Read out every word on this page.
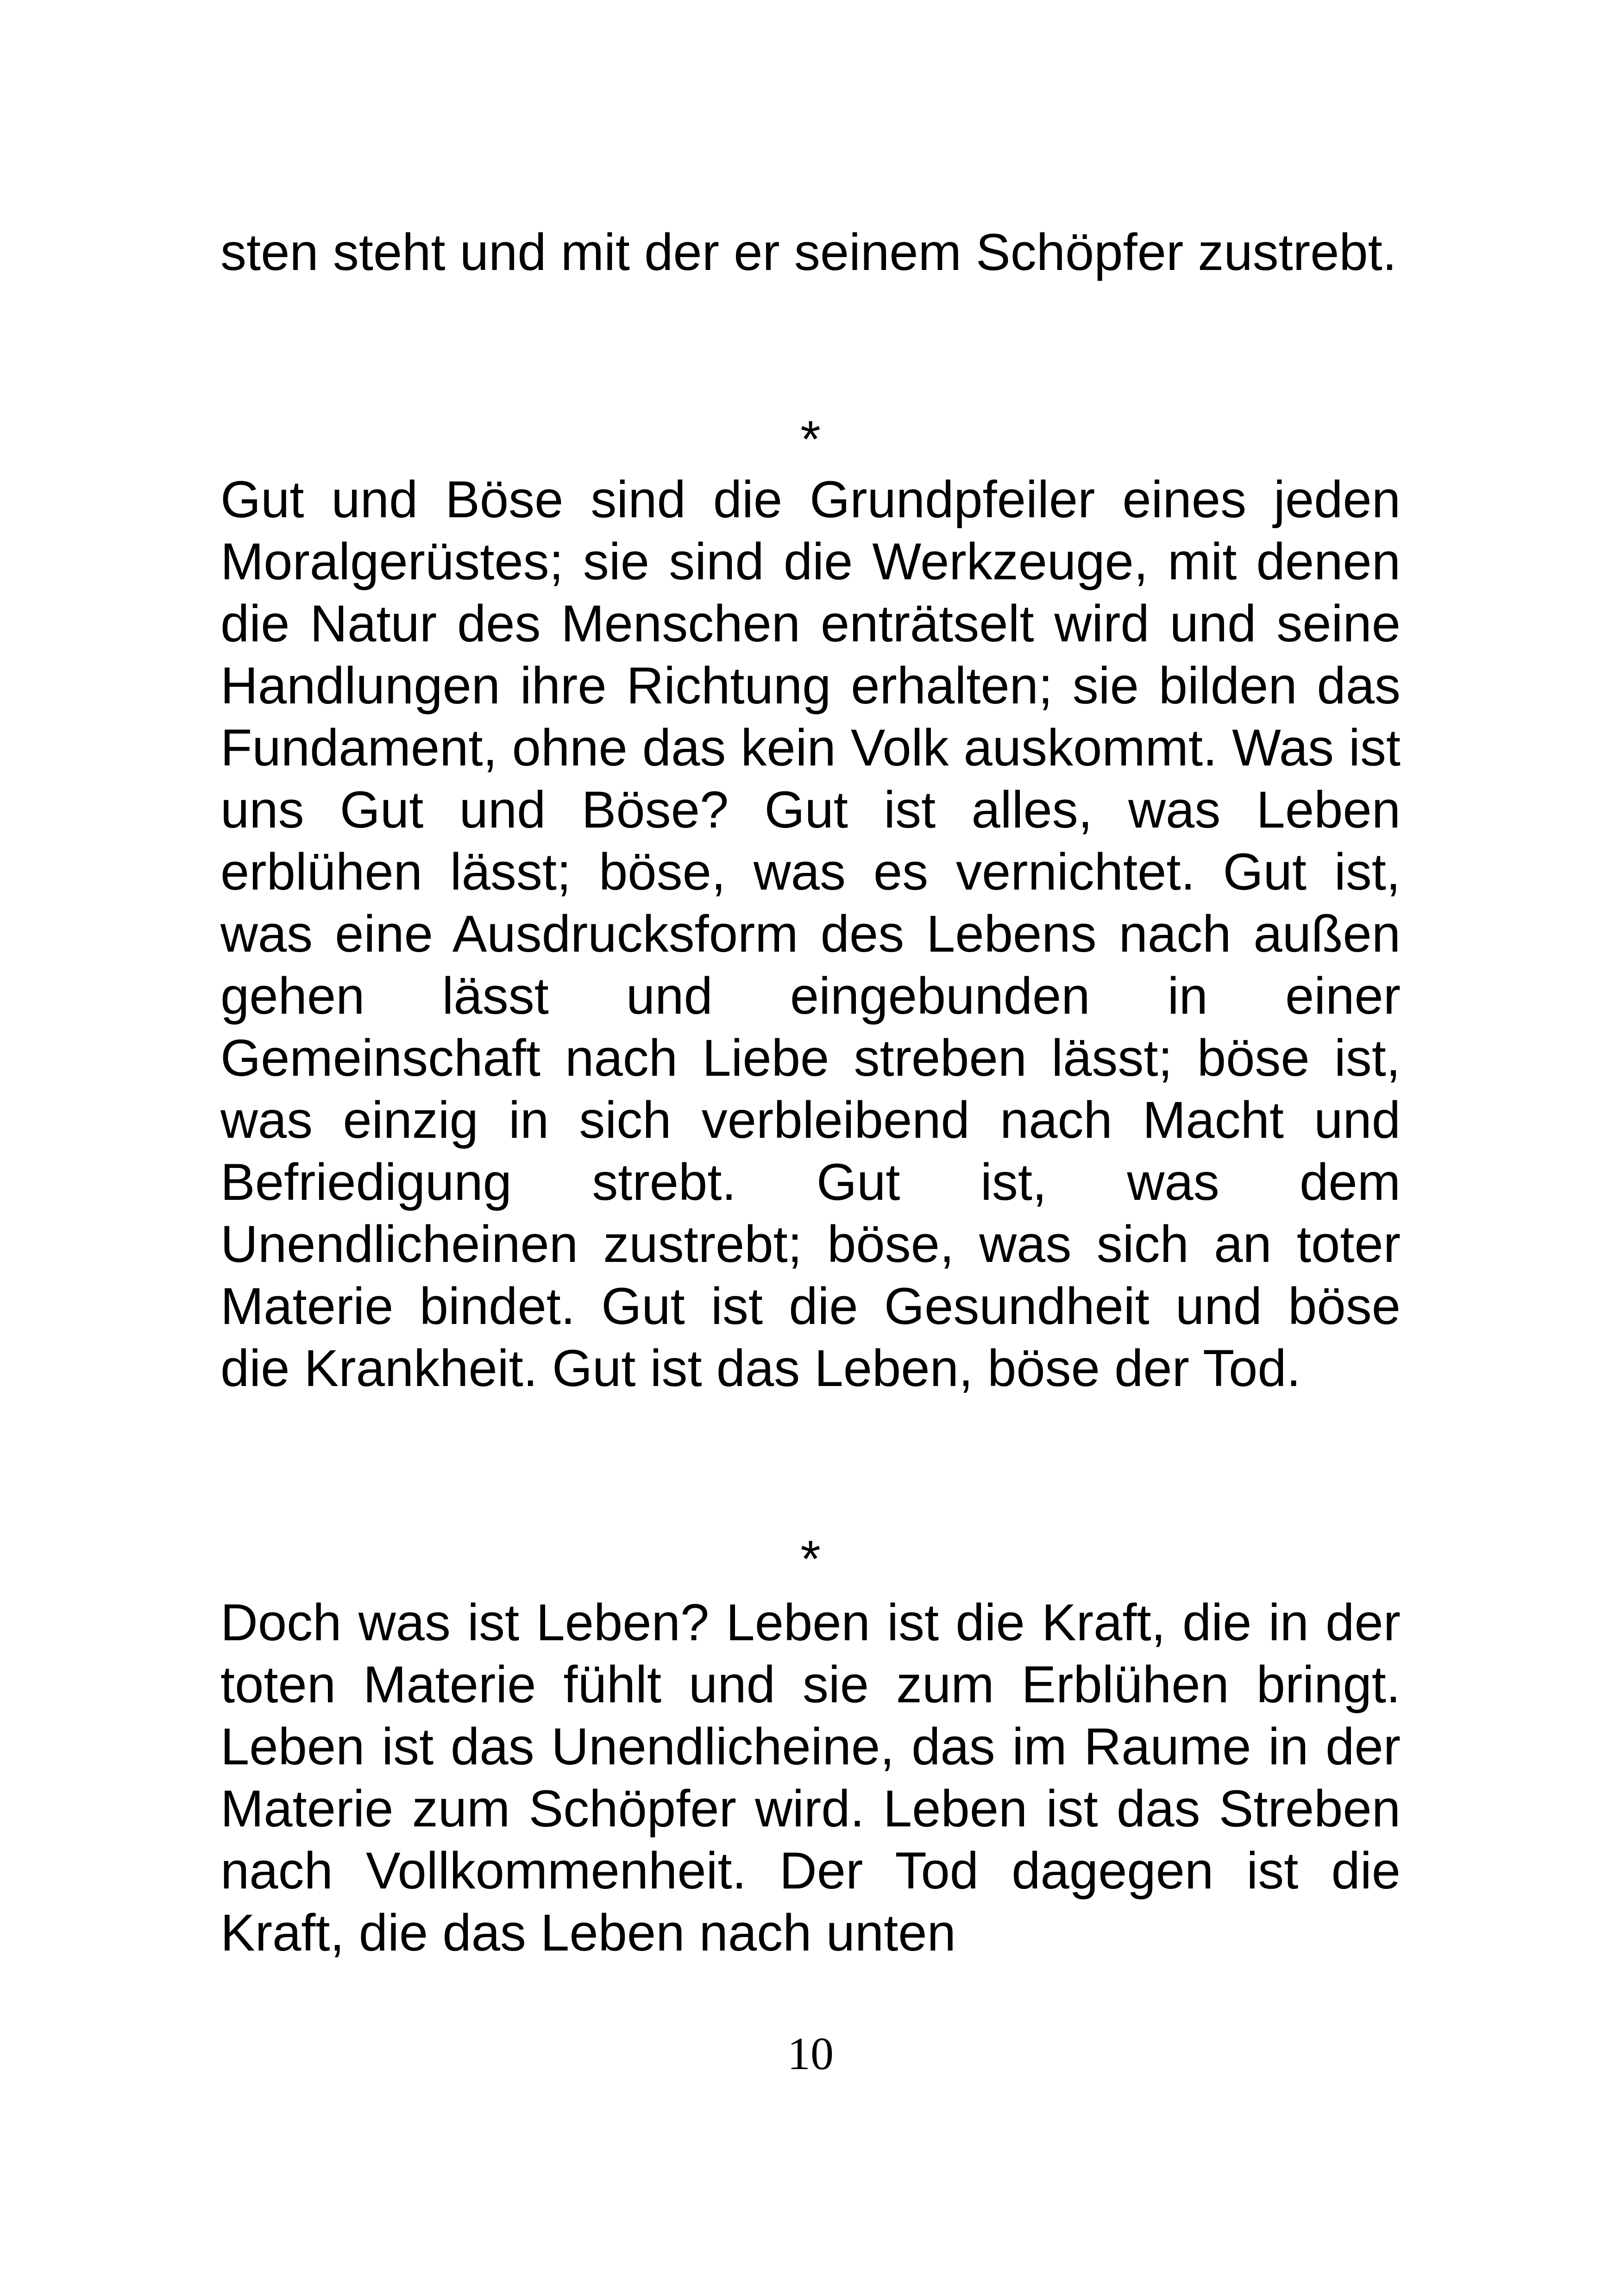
sten steht und mit der er seinem Schöpfer zustrebt.
*
Gut und Böse sind die Grundpfeiler eines jeden Moralgerüstes; sie sind die Werkzeuge, mit denen die Natur des Menschen enträtselt wird und seine Handlungen ihre Richtung erhalten; sie bilden das Fundament, ohne das kein Volk auskommt. Was ist uns Gut und Böse? Gut ist alles, was Leben erblühen lässt; böse, was es vernichtet. Gut ist, was eine Ausdrucksform des Lebens nach außen gehen lässt und eingebunden in einer Gemeinschaft nach Liebe streben lässt; böse ist, was einzig in sich verbleibend nach Macht und Befriedigung strebt. Gut ist, was dem Unendlicheinen zustrebt; böse, was sich an toter Materie bindet. Gut ist die Gesundheit und böse die Krankheit. Gut ist das Leben, böse der Tod.
*
Doch was ist Leben? Leben ist die Kraft, die in der toten Materie fühlt und sie zum Erblühen bringt. Leben ist das Unendlicheine, das im Raume in der Materie zum Schöpfer wird. Leben ist das Streben nach Vollkommenheit. Der Tod dagegen ist die Kraft, die das Leben nach unten
10
